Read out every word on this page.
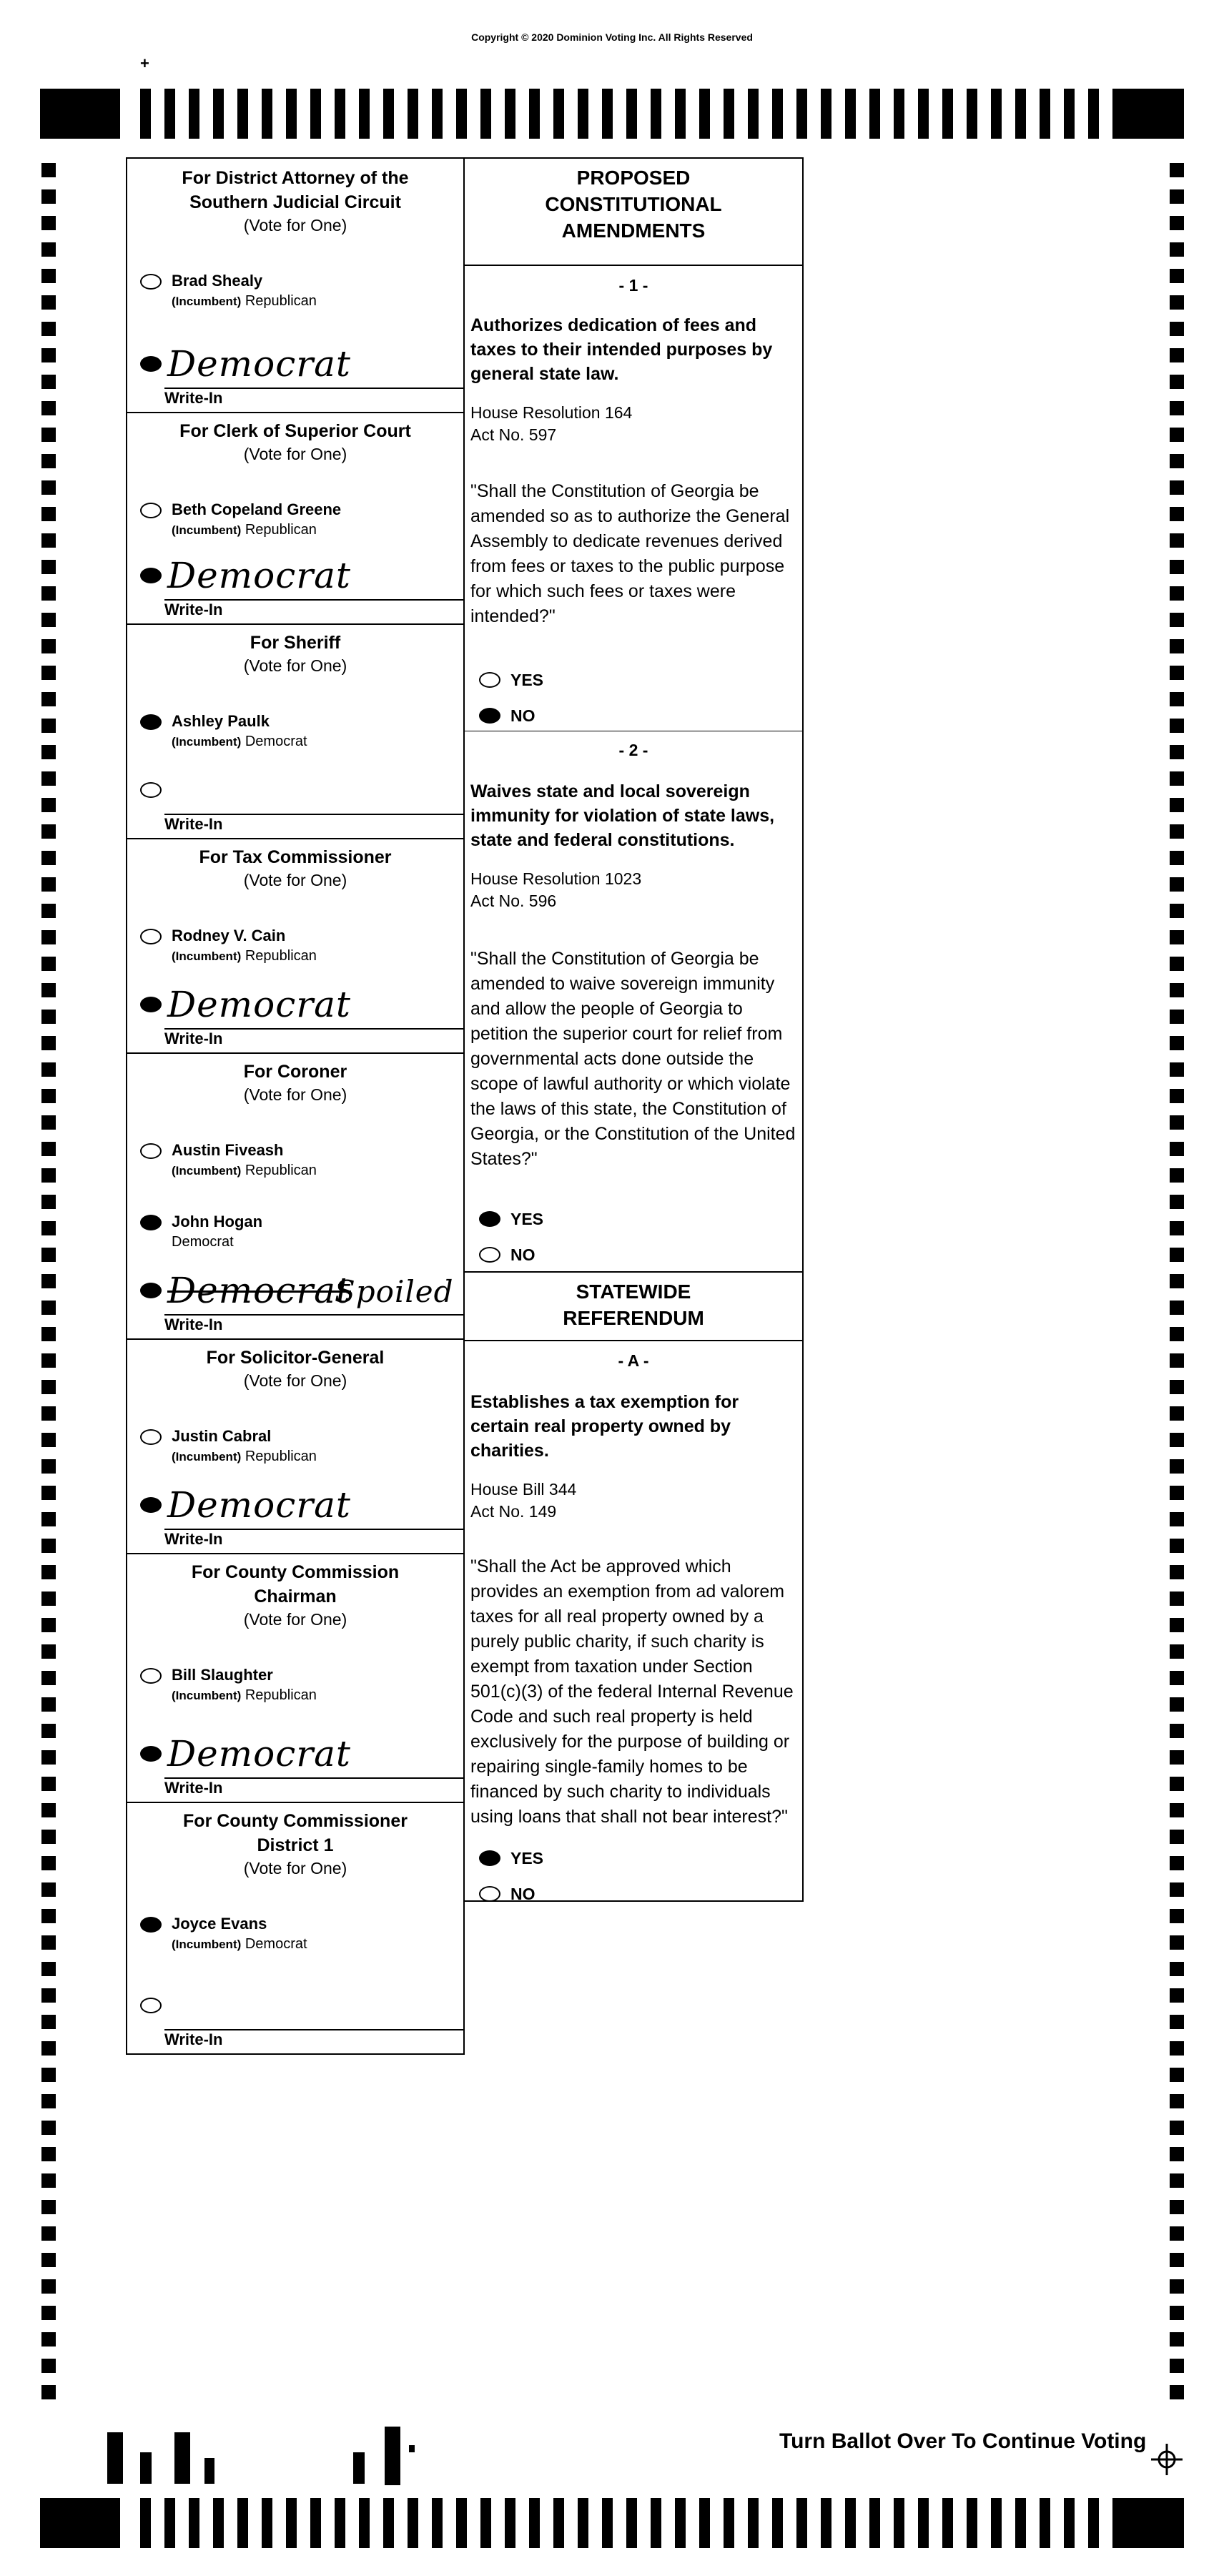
Copyright © 2020 Dominion Voting Inc. All Rights Reserved
+
For District Attorney of the
Southern Judicial Circuit
(Vote for One)
Brad Shealy
(Incumbent) Republican
Write-In
Democrat
For Clerk of Superior Court
(Vote for One)
Beth Copeland Greene
(Incumbent) Republican
Write-In
Democrat
For Sheriff
(Vote for One)
Ashley Paulk
(Incumbent) Democrat
Write-In
For Tax Commissioner
(Vote for One)
Rodney V. Cain
(Incumbent) Republican
Write-In
Democrat
For Coroner
(Vote for One)
Austin Fiveash
(Incumbent) Republican
John Hogan
Democrat
Write-In
Democrat
Spoiled
For Solicitor-General
(Vote for One)
Justin Cabral
(Incumbent) Republican
Write-In
Democrat
For County Commission
Chairman
(Vote for One)
Bill Slaughter
(Incumbent) Republican
Write-In
Democrat
For County Commissioner
District 1
(Vote for One)
Joyce Evans
(Incumbent) Democrat
Write-In
PROPOSED
CONSTITUTIONAL
AMENDMENTS
- 1 -
Authorizes dedication of fees and taxes to their intended purposes by general state law.
House Resolution 164
Act No. 597
"Shall the Constitution of Georgia be amended so as to authorize the General Assembly to dedicate revenues derived from fees or taxes to the public purpose for which such fees or taxes were intended?"
YES
NO
- 2 -
Waives state and local sovereign immunity for violation of state laws, state and federal constitutions.
House Resolution 1023
Act No. 596
"Shall the Constitution of Georgia be amended to waive sovereign immunity and allow the people of Georgia to petition the superior court for relief from governmental acts done outside the scope of lawful authority or which violate the laws of this state, the Constitution of Georgia, or the Constitution of the United States?"
YES
NO
STATEWIDE
REFERENDUM
- A -
Establishes a tax exemption for certain real property owned by charities.
House Bill 344
Act No. 149
"Shall the Act be approved which provides an exemption from ad valorem taxes for all real property owned by a purely public charity, if such charity is exempt from taxation under Section 501(c)(3) of the federal Internal Revenue Code and such real property is held exclusively for the purpose of building or repairing single-family homes to be financed by such charity to individuals using loans that shall not bear interest?"
YES
NO
Turn Ballot Over To Continue Voting
